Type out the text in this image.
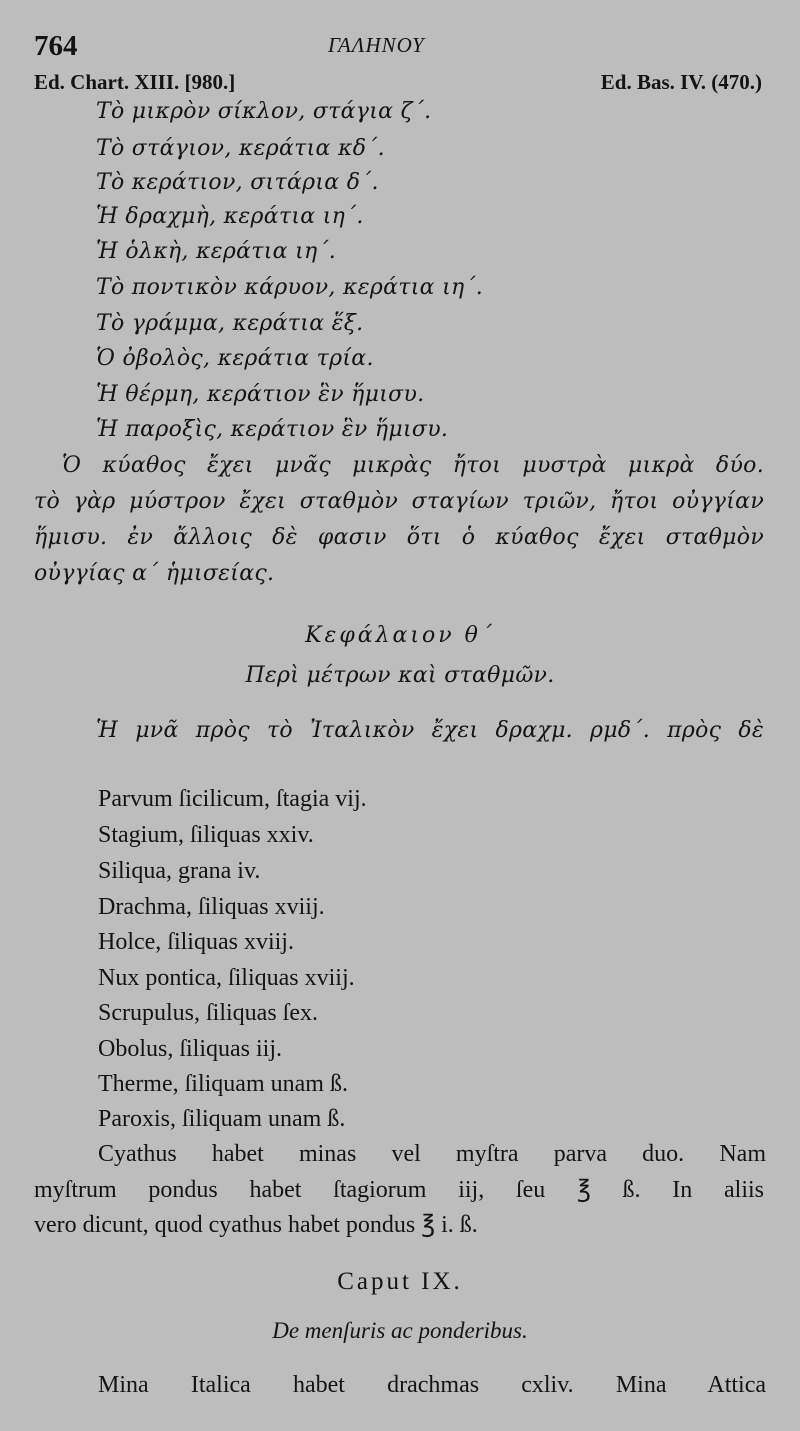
764	ΓΑΛΗΝΟΥ
Ed. Chart. XIII. [980.]	Ed. Bas. IV. (470.)
Τὸ μικρὸν σίκλον, στάγια ζ΄.
Τὸ στάγιον, κεράτια κδ΄.
Τὸ κεράτιον, σιτάρια δ΄.
Ἡ δραχμὴ, κεράτια ιη΄.
Ἡ ὁλκὴ, κεράτια ιη΄.
Τὸ ποντικὸν κάρυον, κεράτια ιη΄.
Τὸ γράμμα, κεράτια ἕξ.
Ὁ ὀβολὸς, κεράτια τρία.
Ἡ θέρμη, κεράτιον ἓν ἥμισυ.
Ἡ παροξὶς, κεράτιον ἓν ἥμισυ.
Ὁ κύαθος ἔχει μνᾶς μικρὰς ἤτοι μυστρὰ μικρὰ δύο.
τὸ γὰρ μύστρον ἔχει σταθμὸν σταγίων τριῶν, ἤτοι οὐγγίαν
ἥμισυ. ἐν ἄλλοις δὲ φασιν ὅτι ὁ κύαθος ἔχει σταθμὸν
οὐγγίας α΄ ἡμισείας.
Κεφάλαιον θ΄
Περὶ μέτρων καὶ σταθμῶν.
Ἡ μνᾶ πρὸς τὸ Ἰταλικὸν ἔχει δραχμ. ρμδ΄. πρὸς δὲ
Parvum ſicilicum, ſtagia vij.
Stagium, ſiliquas xxiv.
Siliqua, grana iv.
Drachma, ſiliquas xviij.
Holce, ſiliquas xviij.
Nux pontica, ſiliquas xviij.
Scrupulus, ſiliquas ſex.
Obolus, ſiliquas iij.
Therme, ſiliquam unam ß.
Paroxis, ſiliquam unam ß.
Cyathus habet minas vel myſtra parva duo. Nam
myſtrum pondus habet ſtagiorum iij, ſeu ℥ ß. In aliis
vero dicunt, quod cyathus habet pondus ℥ i. ß.
Caput IX.
De menſuris ac ponderibus.
Mina Italica habet drachmas cxliv. Mina Attica
